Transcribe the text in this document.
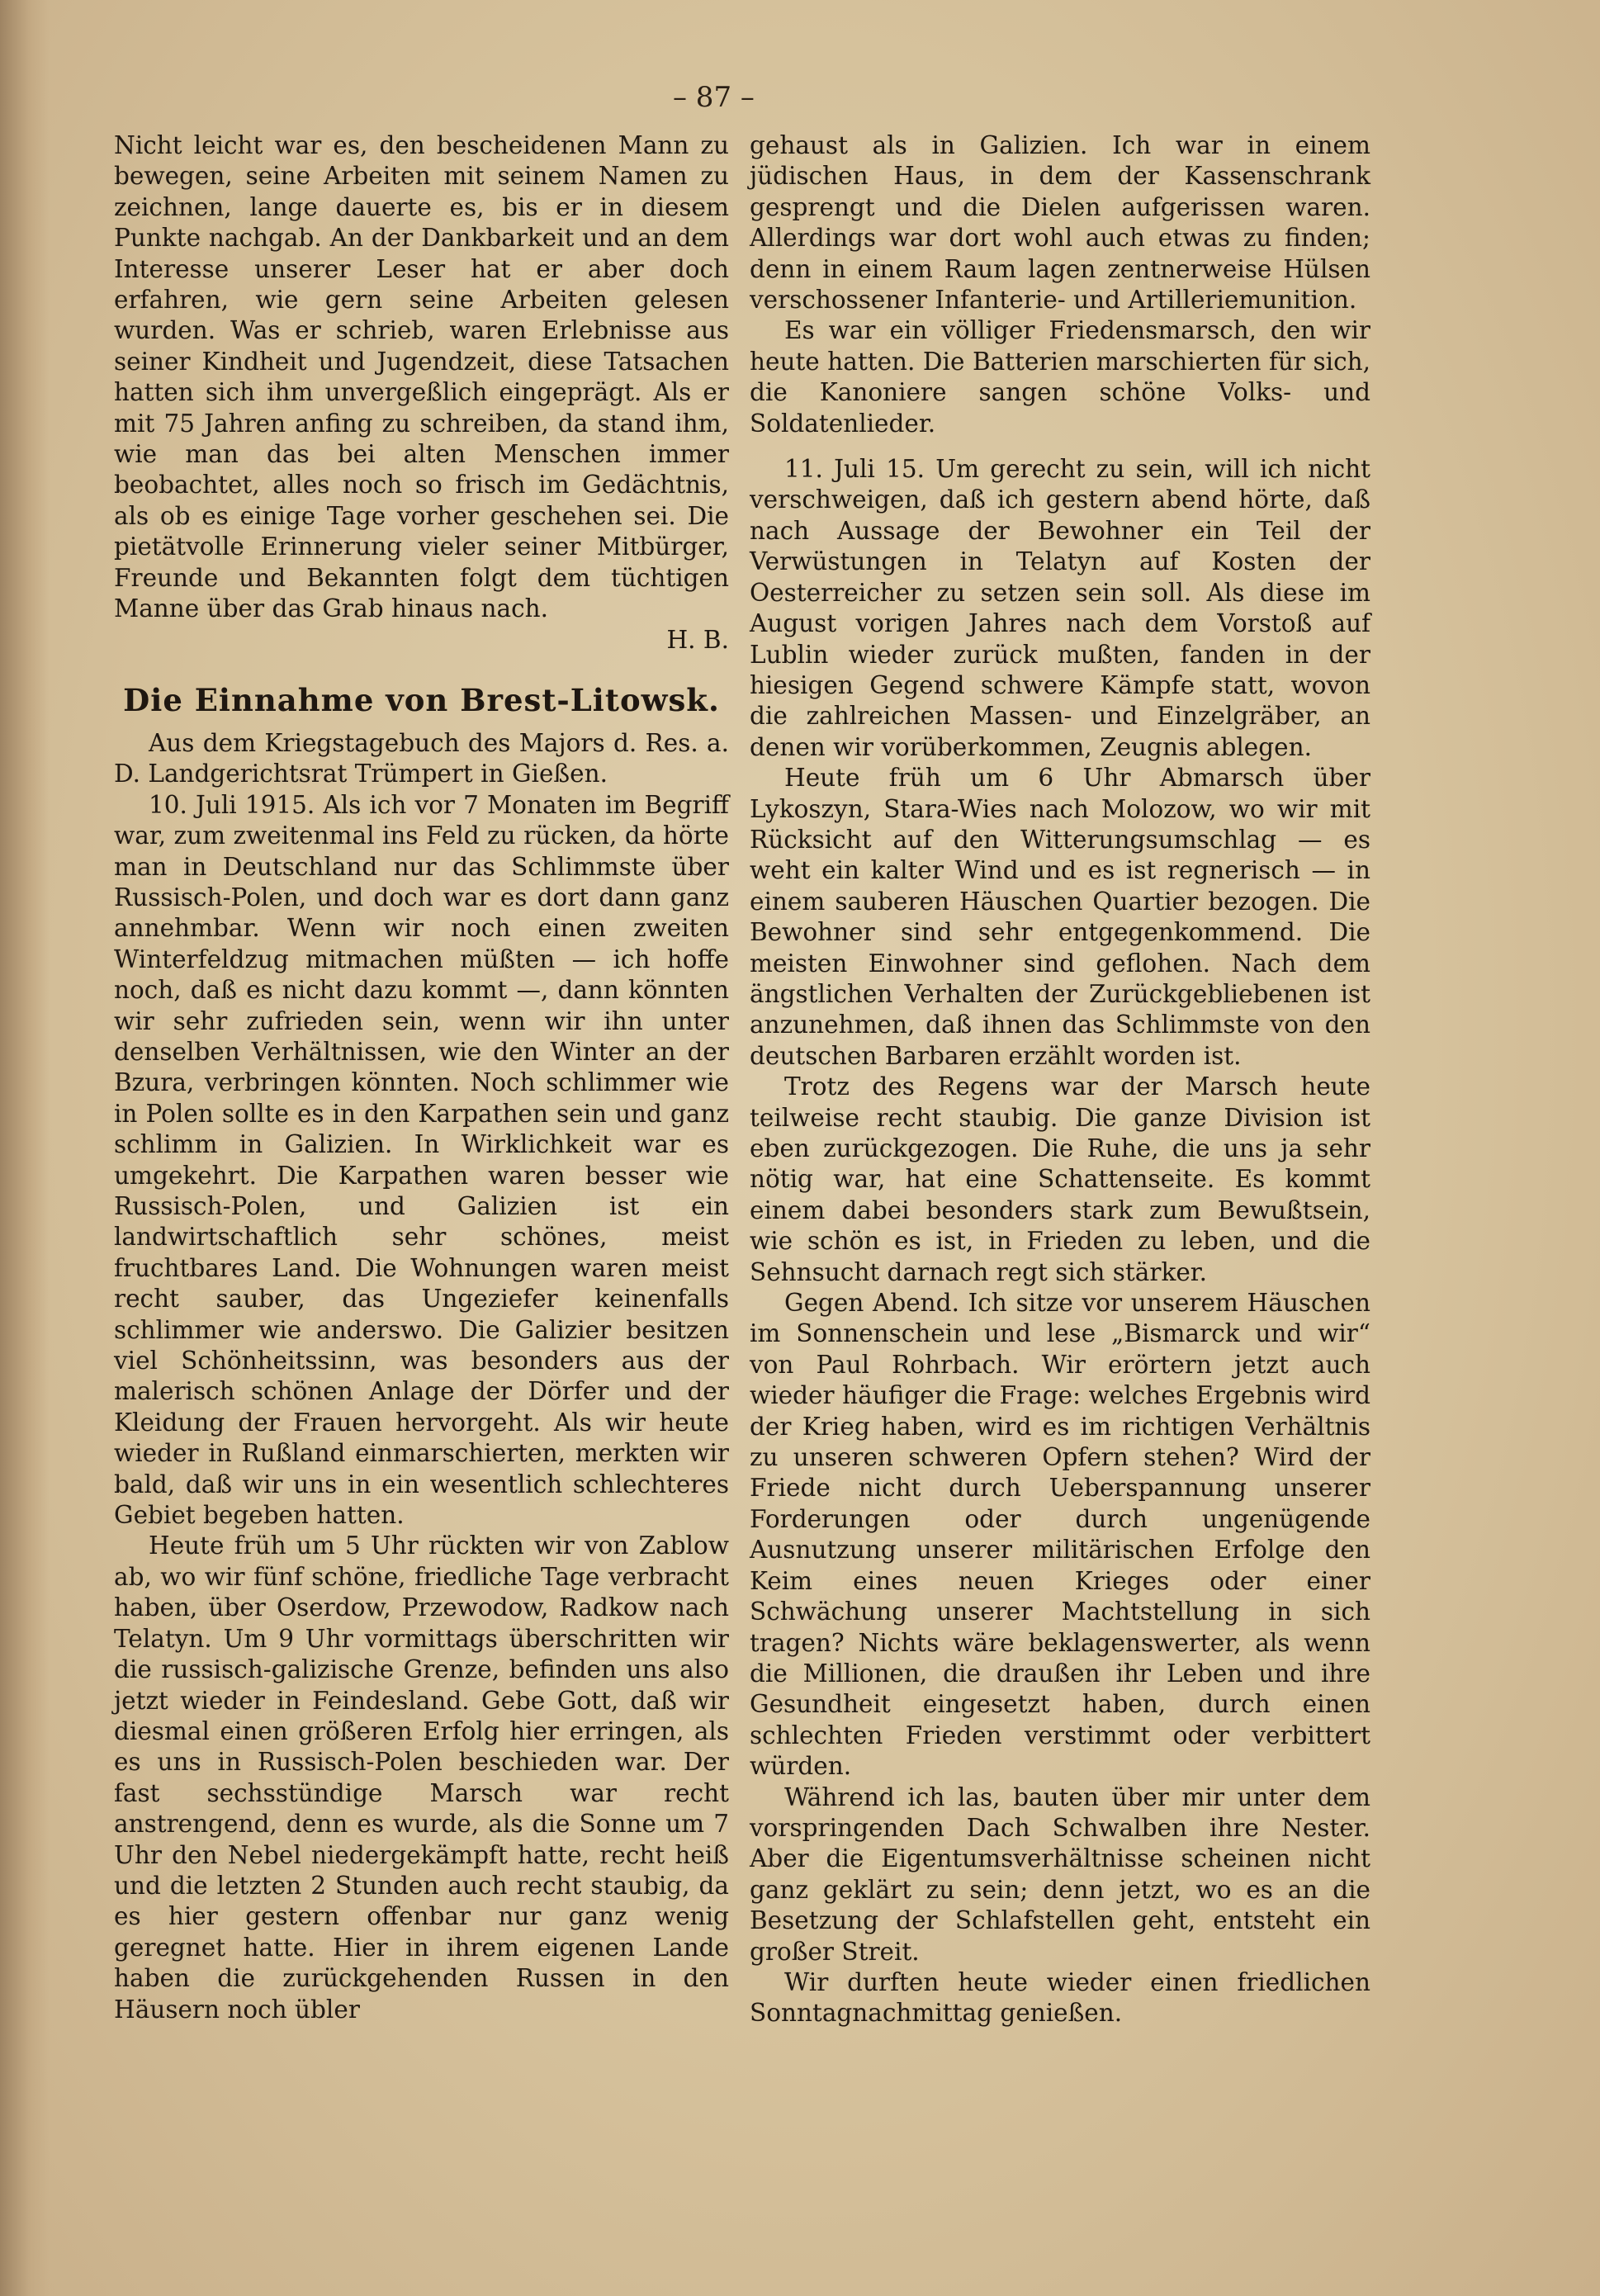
– 87 –

Nicht leicht war es, den bescheidenen Mann zu bewegen, seine Arbeiten mit seinem Namen zu zeichnen, lange dauerte es, bis er in diesem Punkte nachgab. An der Dankbarkeit und an dem Interesse unserer Leser hat er aber doch erfahren, wie gern seine Arbeiten gelesen wurden. Was er schrieb, waren Erlebnisse aus seiner Kindheit und Jugendzeit, diese Tatsachen hatten sich ihm unvergeßlich eingeprägt. Als er mit 75 Jahren anfing zu schreiben, da stand ihm, wie man das bei alten Menschen immer beobachtet, alles noch so frisch im Gedächtnis, als ob es einige Tage vorher geschehen sei. Die pietätvolle Erinnerung vieler seiner Mitbürger, Freunde und Bekannten folgt dem tüchtigen Manne über das Grab hinaus nach.
H. B.

Die Einnahme von Brest-Litowsk.

Aus dem Kriegstagebuch des Majors d. Res. a. D. Landgerichtsrat Trümpert in Gießen.

10. Juli 1915. Als ich vor 7 Monaten im Begriff war, zum zweitenmal ins Feld zu rücken, da hörte man in Deutschland nur das Schlimmste über Russisch-Polen, und doch war es dort dann ganz annehmbar. Wenn wir noch einen zweiten Winterfeldzug mitmachen müßten — ich hoffe noch, daß es nicht dazu kommt —, dann könnten wir sehr zufrieden sein, wenn wir ihn unter denselben Verhältnissen, wie den Winter an der Bzura, verbringen könnten. Noch schlimmer wie in Polen sollte es in den Karpathen sein und ganz schlimm in Galizien. In Wirklichkeit war es umgekehrt. Die Karpathen waren besser wie Russisch-Polen, und Galizien ist ein landwirtschaftlich sehr schönes, meist fruchtbares Land. Die Wohnungen waren meist recht sauber, das Ungeziefer keinenfalls schlimmer wie anderswo. Die Galizier besitzen viel Schönheitssinn, was besonders aus der malerisch schönen Anlage der Dörfer und der Kleidung der Frauen hervorgeht. Als wir heute wieder in Rußland einmarschierten, merkten wir bald, daß wir uns in ein wesentlich schlechteres Gebiet begeben hatten.

Heute früh um 5 Uhr rückten wir von Zablow ab, wo wir fünf schöne, friedliche Tage verbracht haben, über Oserdow, Przewodow, Radkow nach Telatyn. Um 9 Uhr vormittags überschritten wir die russisch-galizische Grenze, befinden uns also jetzt wieder in Feindesland. Gebe Gott, daß wir diesmal einen größeren Erfolg hier erringen, als es uns in Russisch-Polen beschieden war. Der fast sechsstündige Marsch war recht anstrengend, denn es wurde, als die Sonne um 7 Uhr den Nebel niedergekämpft hatte, recht heiß und die letzten 2 Stunden auch recht staubig, da es hier gestern offenbar nur ganz wenig geregnet hatte. Hier in ihrem eigenen Lande haben die zurückgehenden Russen in den Häusern noch übler

gehaust als in Galizien. Ich war in einem jüdischen Haus, in dem der Kassenschrank gesprengt und die Dielen aufgerissen waren. Allerdings war dort wohl auch etwas zu finden; denn in einem Raum lagen zentnerweise Hülsen verschossener Infanterie- und Artilleriemunition.

Es war ein völliger Friedensmarsch, den wir heute hatten. Die Batterien marschierten für sich, die Kanoniere sangen schöne Volks- und Soldatenlieder.

11. Juli 15. Um gerecht zu sein, will ich nicht verschweigen, daß ich gestern abend hörte, daß nach Aussage der Bewohner ein Teil der Verwüstungen in Telatyn auf Kosten der Oesterreicher zu setzen sein soll. Als diese im August vorigen Jahres nach dem Vorstoß auf Lublin wieder zurück mußten, fanden in der hiesigen Gegend schwere Kämpfe statt, wovon die zahlreichen Massen- und Einzelgräber, an denen wir vorüberkommen, Zeugnis ablegen.

Heute früh um 6 Uhr Abmarsch über Lykoszyn, Stara-Wies nach Molozow, wo wir mit Rücksicht auf den Witterungsumschlag — es weht ein kalter Wind und es ist regnerisch — in einem sauberen Häuschen Quartier bezogen. Die Bewohner sind sehr entgegenkommend. Die meisten Einwohner sind geflohen. Nach dem ängstlichen Verhalten der Zurückgebliebenen ist anzunehmen, daß ihnen das Schlimmste von den deutschen Barbaren erzählt worden ist.

Trotz des Regens war der Marsch heute teilweise recht staubig. Die ganze Division ist eben zurückgezogen. Die Ruhe, die uns ja sehr nötig war, hat eine Schattenseite. Es kommt einem dabei besonders stark zum Bewußtsein, wie schön es ist, in Frieden zu leben, und die Sehnsucht darnach regt sich stärker.

Gegen Abend. Ich sitze vor unserem Häuschen im Sonnenschein und lese „Bismarck und wir“ von Paul Rohrbach. Wir erörtern jetzt auch wieder häufiger die Frage: welches Ergebnis wird der Krieg haben, wird es im richtigen Verhältnis zu unseren schweren Opfern stehen? Wird der Friede nicht durch Ueberspannung unserer Forderungen oder durch ungenügende Ausnutzung unserer militärischen Erfolge den Keim eines neuen Krieges oder einer Schwächung unserer Machtstellung in sich tragen? Nichts wäre beklagenswerter, als wenn die Millionen, die draußen ihr Leben und ihre Gesundheit eingesetzt haben, durch einen schlechten Frieden verstimmt oder verbittert würden.

Während ich las, bauten über mir unter dem vorspringenden Dach Schwalben ihre Nester. Aber die Eigentumsverhältnisse scheinen nicht ganz geklärt zu sein; denn jetzt, wo es an die Besetzung der Schlafstellen geht, entsteht ein großer Streit.

Wir durften heute wieder einen friedlichen Sonntagnachmittag genießen.
